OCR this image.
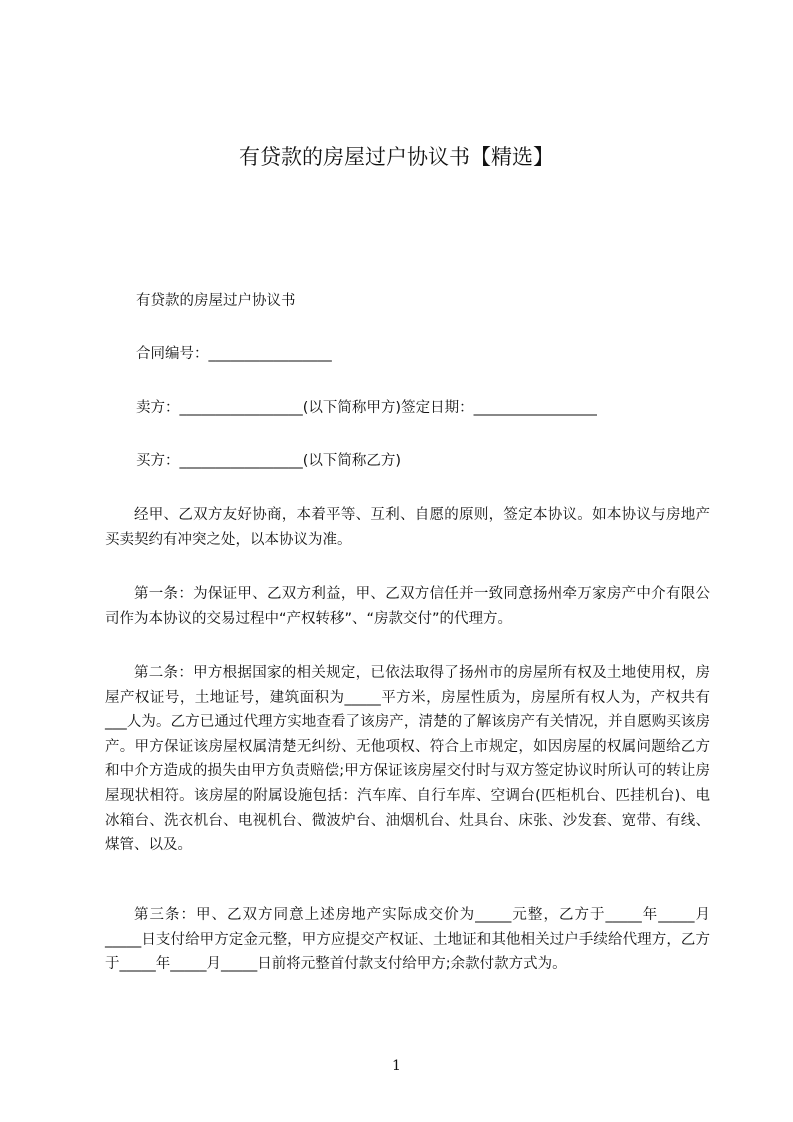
有贷款的房屋过户协议书【精选】
有贷款的房屋过户协议书
合同编号：_________________
卖方：_________________(以下简称甲方)签定日期：_________________
买方：_________________(以下简称乙方)

经甲、乙双方友好协商，本着平等、互利、自愿的原则，签定本协议。如本协议与房地产买卖契约有冲突之处，以本协议为准。

第一条：为保证甲、乙双方利益，甲、乙双方信任并一致同意扬州牵万家房产中介有限公司作为本协议的交易过程中“产权转移”、“房款交付”的代理方。

第二条：甲方根据国家的相关规定，已依法取得了扬州市的房屋所有权及土地使用权，房屋产权证号，土地证号，建筑面积为_____平方米，房屋性质为，房屋所有权人为，产权共有___人为。乙方已通过代理方实地查看了该房产，清楚的了解该房产有关情况，并自愿购买该房产。甲方保证该房屋权属清楚无纠纷、无他项权、符合上市规定，如因房屋的权属问题给乙方和中介方造成的损失由甲方负责赔偿;甲方保证该房屋交付时与双方签定协议时所认可的转让房屋现状相符。该房屋的附属设施包括：汽车库、自行车库、空调台(匹柜机台、匹挂机台)、电冰箱台、洗衣机台、电视机台、微波炉台、油烟机台、灶具台、床张、沙发套、宽带、有线、煤管、以及。

第三条：甲、乙双方同意上述房地产实际成交价为_____元整，乙方于_____年_____月_____日支付给甲方定金元整，甲方应提交产权证、土地证和其他相关过户手续给代理方，乙方于_____年_____月_____日前将元整首付款支付给甲方;余款付款方式为。

1
